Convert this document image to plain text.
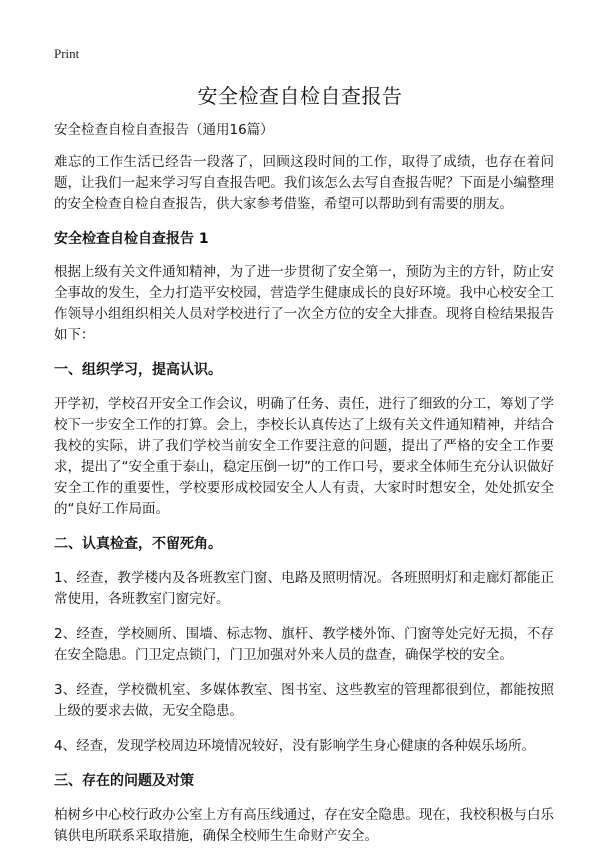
Print
安全检查自检自查报告
安全检查自检自查报告（通用16篇）

难忘的工作生活已经告一段落了，回顾这段时间的工作，取得了成绩，也存在着问题，让我们一起来学习写自查报告吧。我们该怎么去写自查报告呢？下面是小编整理的安全检查自检自查报告，供大家参考借鉴，希望可以帮助到有需要的朋友。

安全检查自检自查报告 1

根据上级有关文件通知精神，为了进一步贯彻了安全第一，预防为主的方针，防止安全事故的发生，全力打造平安校园，营造学生健康成长的良好环境。我中心校安全工作领导小组组织相关人员对学校进行了一次全方位的安全大排查。现将自检结果报告如下：

一、组织学习，提高认识。

开学初，学校召开安全工作会议，明确了任务、责任，进行了细致的分工，筹划了学校下一步安全工作的打算。会上，李校长认真传达了上级有关文件通知精神，并结合我校的实际，讲了我们学校当前安全工作要注意的问题，提出了严格的安全工作要求，提出了“安全重于泰山，稳定压倒一切”的工作口号，要求全体师生充分认识做好安全工作的重要性，学校要形成校园安全人人有责，大家时时想安全，处处抓安全的“良好工作局面。

二、认真检查，不留死角。

1、经查，教学楼内及各班教室门窗、电路及照明情况。各班照明灯和走廊灯都能正常使用，各班教室门窗完好。

2、经查，学校厕所、围墙、标志物、旗杆、教学楼外饰、门窗等处完好无损，不存在安全隐患。门卫定点锁门，门卫加强对外来人员的盘查，确保学校的安全。

3、经查，学校微机室、多媒体教室、图书室、这些教室的管理都很到位，都能按照上级的要求去做，无安全隐患。

4、经查，发现学校周边环境情况较好，没有影响学生身心健康的各种娱乐场所。

三、存在的问题及对策

柏树乡中心校行政办公室上方有高压线通过，存在安全隐患。现在，我校积极与白乐镇供电所联系采取措施，确保全校师生生命财产安全。
